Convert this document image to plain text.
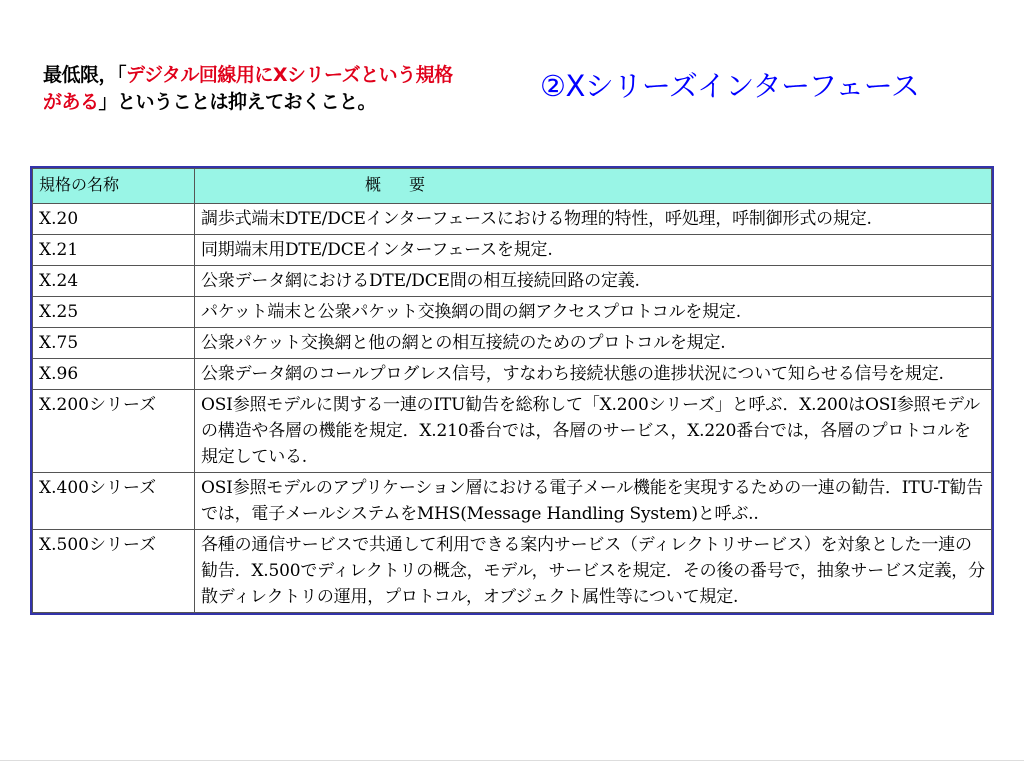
最低限，「デジタル回線用にXシリーズという規格がある」ということは抑えておくこと。	②Xシリーズインターフェース
規格の名称	概　要
X.20	調歩式端末DTE/DCEインターフェースにおける物理的特性，呼処理，呼制御形式の規定.
X.21	同期端末用DTE/DCEインターフェースを規定.
X.24	公衆データ網におけるDTE/DCE間の相互接続回路の定義.
X.25	パケット端末と公衆パケット交換網の間の網アクセスプロトコルを規定.
X.75	公衆パケット交換網と他の網との相互接続のためのプロトコルを規定.
X.96	公衆データ網のコールプログレス信号，すなわち接続状態の進捗状況について知らせる信号を規定.
X.200シリーズ	OSI参照モデルに関する一連のITU勧告を総称して「X.200シリーズ」と呼ぶ．X.200はOSI参照モデルの構造や各層の機能を規定．X.210番台では，各層のサービス，X.220番台では，各層のプロトコルを規定している.
X.400シリーズ	OSI参照モデルのアプリケーション層における電子メール機能を実現するための一連の勧告．ITU-T勧告では，電子メールシステムをMHS(Message Handling System)と呼ぶ..
X.500シリーズ	各種の通信サービスで共通して利用できる案内サービス（ディレクトリサービス）を対象とした一連の勧告．X.500でディレクトリの概念，モデル，サービスを規定．その後の番号で，抽象サービス定義，分散ディレクトリの運用，プロトコル，オブジェクト属性等について規定.
